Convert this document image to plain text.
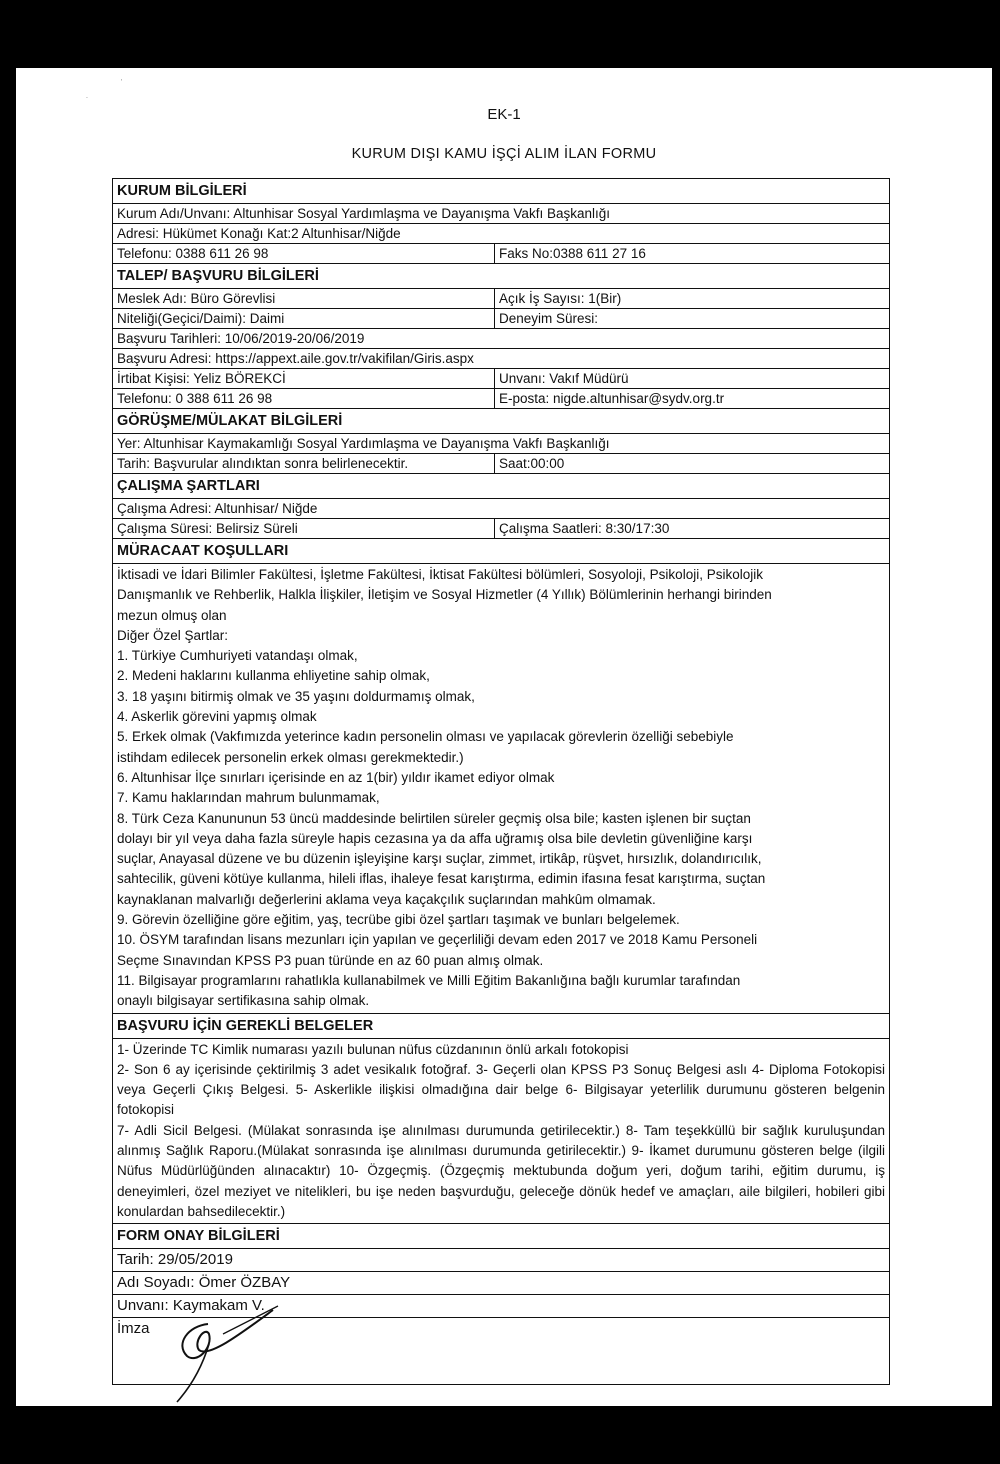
ˈ
˙
EK-1
KURUM DIŞI KAMU İŞÇİ ALIM İLAN FORMU
KURUM BİLGİLERİ
Kurum Adı/Unvanı: Altunhisar Sosyal Yardımlaşma ve Dayanışma Vakfı Başkanlığı
Adresi: Hükümet Konağı Kat:2 Altunhisar/Niğde
Telefonu: 0388 611 26 98	Faks No:0388 611 27 16
TALEP/ BAŞVURU BİLGİLERİ
Meslek Adı: Büro Görevlisi	Açık İş Sayısı: 1(Bir)
Niteliği(Geçici/Daimi): Daimi	Deneyim Süresi:
Başvuru Tarihleri: 10/06/2019-20/06/2019
Başvuru Adresi: https://appext.aile.gov.tr/vakifilan/Giris.aspx
İrtibat Kişisi: Yeliz BÖREKCİ	Unvanı: Vakıf Müdürü
Telefonu: 0 388 611 26 98	E-posta: nigde.altunhisar@sydv.org.tr
GÖRÜŞME/MÜLAKAT BİLGİLERİ
Yer: Altunhisar Kaymakamlığı Sosyal Yardımlaşma ve Dayanışma Vakfı Başkanlığı
Tarih: Başvurular alındıktan sonra belirlenecektir.	Saat:00:00
ÇALIŞMA ŞARTLARI
Çalışma Adresi: Altunhisar/ Niğde
Çalışma Süresi: Belirsiz Süreli	Çalışma Saatleri: 8:30/17:30
MÜRACAAT KOŞULLARI
İktisadi ve İdari Bilimler Fakültesi, İşletme Fakültesi, İktisat Fakültesi bölümleri, Sosyoloji, Psikoloji, Psikolojik
Danışmanlık ve Rehberlik, Halkla İlişkiler, İletişim ve Sosyal Hizmetler (4 Yıllık) Bölümlerinin herhangi birinden
mezun olmuş olan
Diğer Özel Şartlar:
1. Türkiye Cumhuriyeti vatandaşı olmak,
2. Medeni haklarını kullanma ehliyetine sahip olmak,
3. 18 yaşını bitirmiş olmak ve 35 yaşını doldurmamış olmak,
4. Askerlik görevini yapmış olmak
5. Erkek olmak (Vakfımızda yeterince kadın personelin olması ve yapılacak görevlerin özelliği sebebiyle
istihdam edilecek personelin erkek olması gerekmektedir.)
6. Altunhisar İlçe sınırları içerisinde en az 1(bir) yıldır ikamet ediyor olmak
7. Kamu haklarından mahrum bulunmamak,
8. Türk Ceza Kanununun 53 üncü maddesinde belirtilen süreler geçmiş olsa bile; kasten işlenen bir suçtan
dolayı bir yıl veya daha fazla süreyle hapis cezasına ya da affa uğramış olsa bile devletin güvenliğine karşı
suçlar, Anayasal düzene ve bu düzenin işleyişine karşı suçlar, zimmet, irtikâp, rüşvet, hırsızlık, dolandırıcılık,
sahtecilik, güveni kötüye kullanma, hileli iflas, ihaleye fesat karıştırma, edimin ifasına fesat karıştırma, suçtan
kaynaklanan malvarlığı değerlerini aklama veya kaçakçılık suçlarından mahkûm olmamak.
9. Görevin özelliğine göre eğitim, yaş, tecrübe gibi özel şartları taşımak ve bunları belgelemek.
10. ÖSYM tarafından lisans mezunları için yapılan ve geçerliliği devam eden 2017 ve 2018 Kamu Personeli
Seçme Sınavından KPSS P3 puan türünde en az 60 puan almış olmak.
11. Bilgisayar programlarını rahatlıkla kullanabilmek ve Milli Eğitim Bakanlığına bağlı kurumlar tarafından
onaylı bilgisayar sertifikasına sahip olmak.
BAŞVURU İÇİN GEREKLİ BELGELER
1- Üzerinde TC Kimlik numarası yazılı bulunan nüfus cüzdanının önlü arkalı fotokopisi
2- Son 6 ay içerisinde çektirilmiş 3 adet vesikalık fotoğraf. 3- Geçerli olan KPSS P3 Sonuç Belgesi aslı 4- Diploma Fotokopisi veya Geçerli Çıkış Belgesi. 5- Askerlikle ilişkisi olmadığına dair belge 6- Bilgisayar yeterlilik durumunu gösteren belgenin fotokopisi
7- Adli Sicil Belgesi. (Mülakat sonrasında işe alınılması durumunda getirilecektir.) 8- Tam teşekküllü bir sağlık kuruluşundan alınmış Sağlık Raporu.(Mülakat sonrasında işe alınılması durumunda getirilecektir.) 9- İkamet durumunu gösteren belge (ilgili Nüfus Müdürlüğünden alınacaktır) 10- Özgeçmiş. (Özgeçmiş mektubunda doğum yeri, doğum tarihi, eğitim durumu, iş deneyimleri, özel meziyet ve nitelikleri, bu işe neden başvurduğu, geleceğe dönük hedef ve amaçları, aile bilgileri, hobileri gibi konulardan bahsedilecektir.)
FORM ONAY BİLGİLERİ
Tarih: 29/05/2019
Adı Soyadı: Ömer ÖZBAY
Unvanı: Kaymakam V.
İmza
